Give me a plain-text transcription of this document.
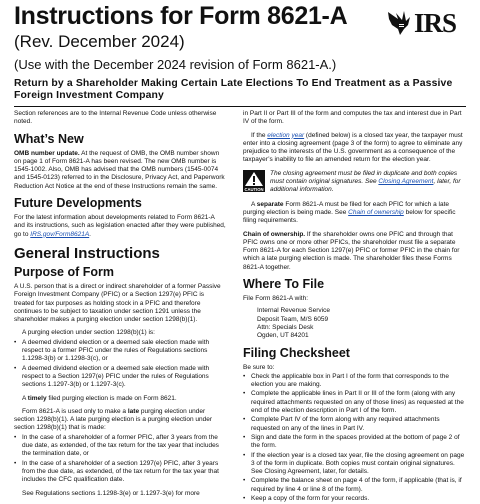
Instructions for Form 8621-A
(Rev. December 2024)
(Use with the December 2024 revision of Form 8621-A.)
Return by a Shareholder Making Certain Late Elections To End Treatment as a Passive Foreign Investment Company
IRS

Section references are to the Internal Revenue Code unless otherwise noted.

What’s New

OMB number update. At the request of OMB, the OMB number shown on page 1 of Form 8621-A has been revised. The new OMB number is 1545-1002. Also, OMB has advised that the OMB numbers (1545-0074 and 1545-0123) referred to in the Disclosure, Privacy Act, and Paperwork Reduction Act Notice at the end of these Instructions remain the same.

Future Developments

For the latest information about developments related to Form 8621-A and its instructions, such as legislation enacted after they were published, go to IRS.gov/Form8621A.

General Instructions
Purpose of Form

A U.S. person that is a direct or indirect shareholder of a former Passive Foreign Investment Company (PFIC) or a Section 1297(e) PFIC is treated for tax purposes as holding stock in a PFIC and therefore continues to be subject to taxation under section 1291 unless the shareholder makes a purging election under section 1298(b)(1).

A purging election under section 1298(b)(1) is:

• A deemed dividend election or a deemed sale election made with respect to a former PFIC under the rules of Regulations sections 1.1298-3(b) or 1.1298-3(c), or
• A deemed dividend election or a deemed sale election made with respect to a Section 1297(e) PFIC under the rules of Regulations sections 1.1297-3(b) or 1.1297-3(c).

A timely filed purging election is made on Form 8621.

Form 8621-A is used only to make a late purging election under section 1298(b)(1). A late purging election is a purging election under section 1298(b)(1) that is made:

• In the case of a shareholder of a former PFIC, after 3 years from the due date, as extended, of the tax return for the tax year that includes the termination date, or
• In the case of a shareholder of a section 1297(e) PFIC, after 3 years from the due date, as extended, of the tax return for the tax year that includes the CFC qualification date.

See Regulations sections 1.1298-3(e) or 1.1297-3(e) for more

in Part II or Part III of the form and computes the tax and interest due in Part IV of the form.

If the election year (defined below) is a closed tax year, the taxpayer must enter into a closing agreement (page 3 of the form) to agree to eliminate any prejudice to the interests of the U.S. government as a consequence of the taxpayer’s inability to file an amended return for the election year.

CAUTION
The closing agreement must be filed in duplicate and both copies must contain original signatures. See Closing Agreement, later, for additional information.

A separate Form 8621-A must be filed for each PFIC for which a late purging election is being made. See Chain of ownership below for specific filing requirements.

Chain of ownership. If the shareholder owns one PFIC and through that PFIC owns one or more other PFICs, the shareholder must file a separate Form 8621-A for each Section 1297(e) PFIC or former PFIC in the chain for which a late purging election is made. The shareholder files these Forms 8621-A together.

Where To File

File Form 8621-A with:

Internal Revenue Service
Deposit Team, M/S 6059
Attn: Specials Desk
Ogden, UT 84201
Filing Checksheet

Be sure to:

• Check the applicable box in Part I of the form that corresponds to the election you are making.
• Complete the applicable lines in Part II or III of the form (along with any required attachments requested on any of those lines) as requested at the end of the election description in Part I of the form.
• Complete Part IV of the form along with any required attachments requested on any of the lines in Part IV.
• Sign and date the form in the spaces provided at the bottom of page 2 of the form.
• If the election year is a closed tax year, file the closing agreement on page 3 of the form in duplicate. Both copies must contain original signatures. See Closing Agreement, later, for details.
• Complete the balance sheet on page 4 of the form, if applicable (that is, if required by line 4 or line 8 of the form).
• Keep a copy of the form for your records.
